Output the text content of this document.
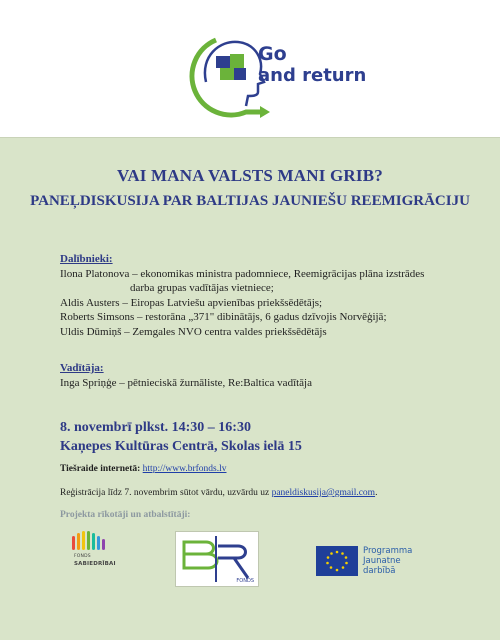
Go
and return
VAI MANA VALSTS MANI GRIB?
PANEĻDISKUSIJA PAR BALTIJAS JAUNIEŠU REEMIGRĀCIJU
Dalībnieki:
Ilona Platonova – ekonomikas ministra padomniece, Reemigrācijas plāna izstrādes
darba grupas vadītājas vietniece;
Aldis Austers – Eiropas Latviešu apvienības priekšsēdētājs;
Roberts Simsons – restorāna „371" dibinātājs, 6 gadus dzīvojis Norvēģijā;
Uldis Dūmiņš – Zemgales NVO centra valdes priekšsēdētājs
Vadītāja:
Inga Spriņģe – pētnieciskā žurnāliste, Re:Baltica vadītāja
8. novembrī plkst. 14:30 – 16:30
Kaņepes Kultūras Centrā, Skolas ielā 15
Tiešraide internetā: http://www.brfonds.lv
Reģistrācija līdz 7. novembrim sūtot vārdu, uzvārdu uz paneldiskusija@gmail.com.
Projekta rīkotāji un atbalstītāji:
FONDS
SABIEDRĪBAI
FONDS
Programma
Jaunatne
darbībā
